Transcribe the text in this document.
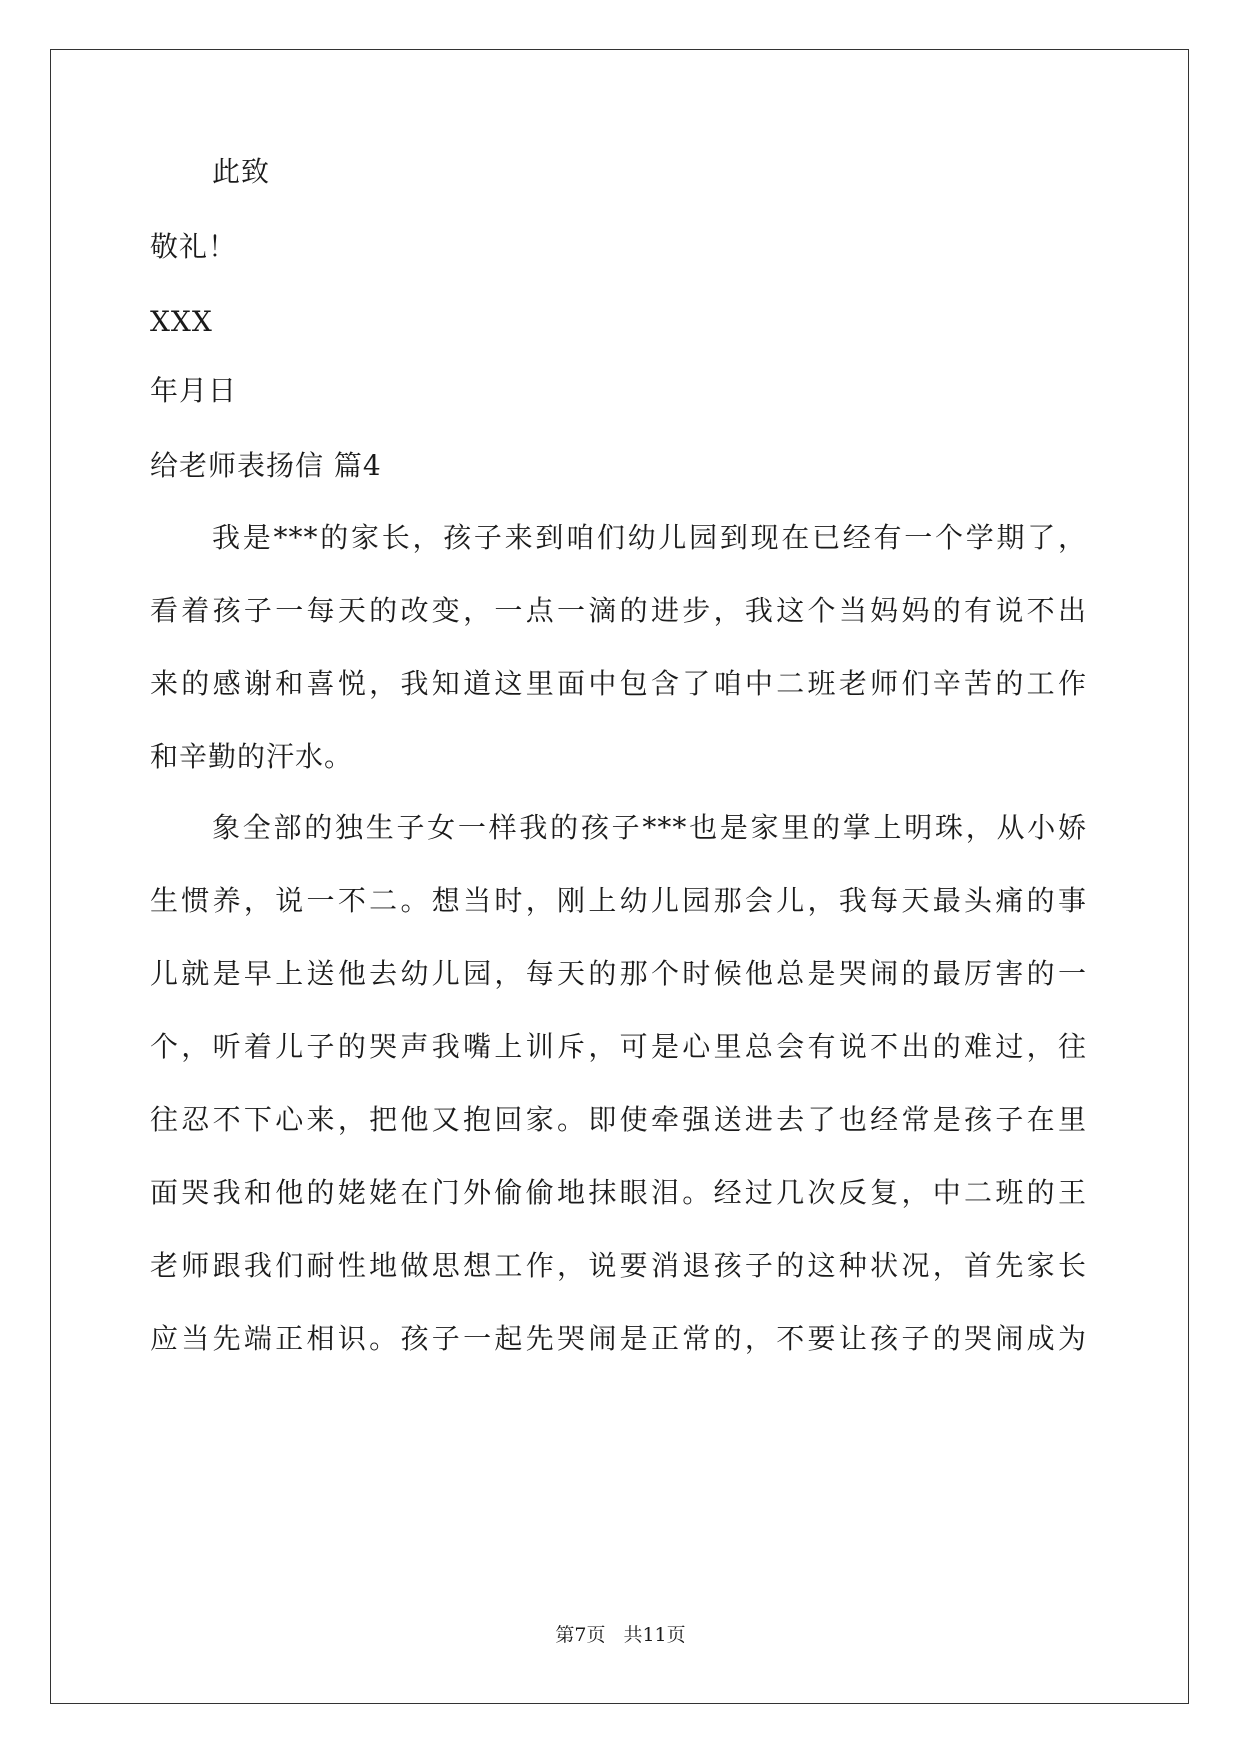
此致
敬礼！
XXX
年月日
给老师表扬信 篇4
我是***的家长，孩子来到咱们幼儿园到现在已经有一个学期了，
看着孩子一每天的改变，一点一滴的进步，我这个当妈妈的有说不出
来的感谢和喜悦，我知道这里面中包含了咱中二班老师们辛苦的工作
和辛勤的汗水。
象全部的独生子女一样我的孩子***也是家里的掌上明珠，从小娇
生惯养，说一不二。想当时，刚上幼儿园那会儿，我每天最头痛的事
儿就是早上送他去幼儿园，每天的那个时候他总是哭闹的最厉害的一
个，听着儿子的哭声我嘴上训斥，可是心里总会有说不出的难过，往
往忍不下心来，把他又抱回家。即使牵强送进去了也经常是孩子在里
面哭我和他的姥姥在门外偷偷地抹眼泪。经过几次反复，中二班的王
老师跟我们耐性地做思想工作，说要消退孩子的这种状况，首先家长
应当先端正相识。孩子一起先哭闹是正常的，不要让孩子的哭闹成为
第7页 共11页
